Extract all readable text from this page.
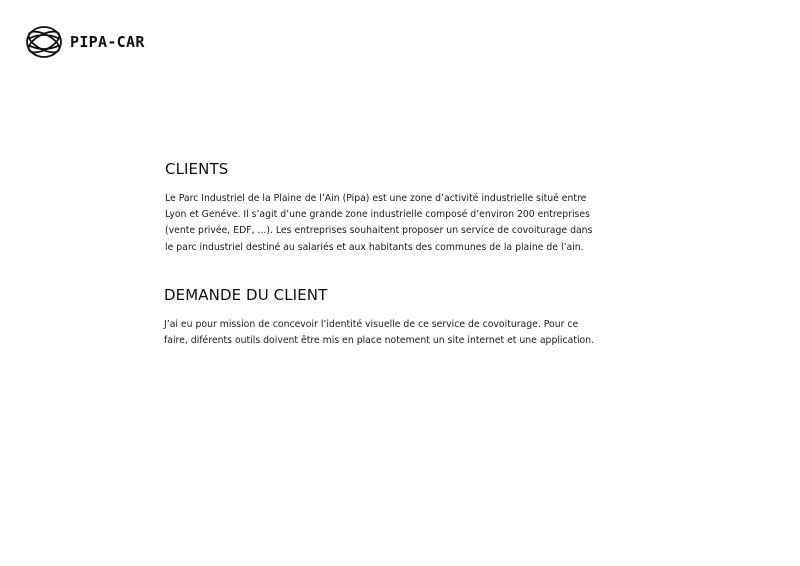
PIPA-CAR
CLIENTS

Le Parc Industriel de la Plaine de l’Ain (Pipa) est une zone d’activité industrielle situé entre

Lyon et Genéve. Il s’agit d’une grande zone industrielle composé d’environ 200 entreprises

(vente privée, EDF, ...). Les entreprises souhaitent proposer un service de covoiturage dans

le parc industriel destiné au salariés et aux habitants des communes de la plaine de l’ain.

DEMANDE DU CLIENT

J’ai eu pour mission de concevoir l’identité visuelle de ce service de covoiturage. Pour ce

faire, diférents outils doivent être mis en place notement un site internet et une application.
